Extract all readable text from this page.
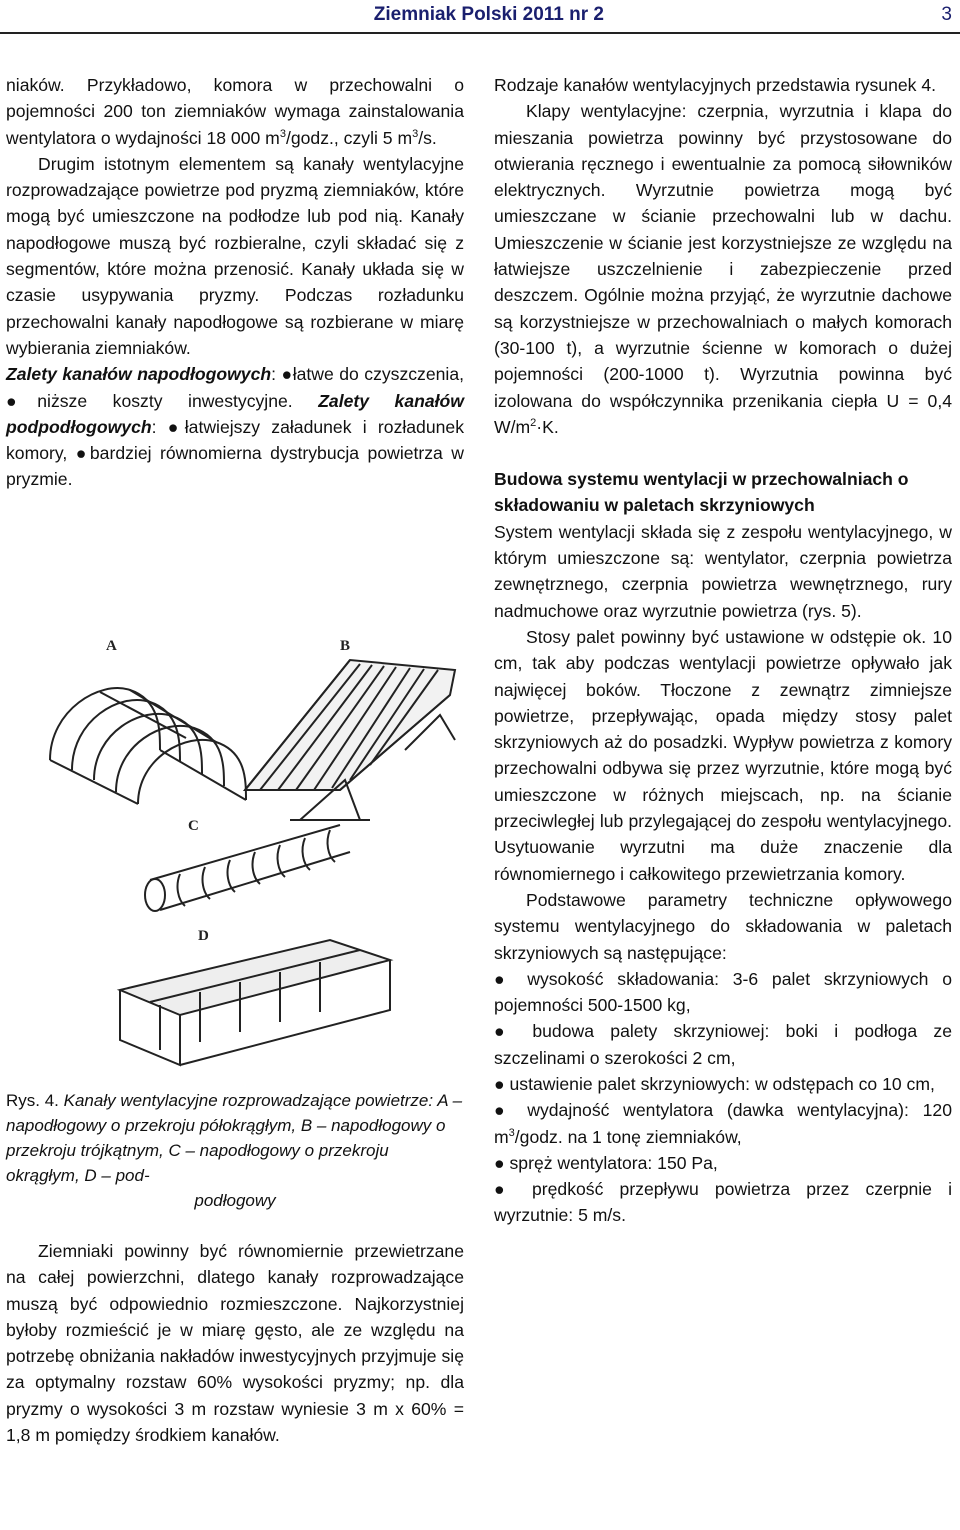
Ziemniak Polski 2011 nr 2	3

niaków. Przykładowo, komora w przechowalni o pojemności 200 ton ziemniaków wymaga zainstalowania wentylatora o wydajności 18 000 $m^3$/godz., czyli 5 $m^3/s$.

Drugim istotnym elementem są kanały wentylacyjne rozprowadzające powietrze pod pryzmą ziemniaków, które mogą być umieszczone na podłodze lub pod nią. Kanały napodłogowe muszą być rozbieralne, czyli składać się z segmentów, które można przenosić. Kanały układa się w czasie usypywania pryzmy. Podczas rozładunku przechowalni kanały napodłogowe są rozbierane w miarę wybierania ziemniaków.

Zalety kanałów napodłogowych: ●łatwe do czyszczenia, ●niższe koszty inwestycyjne. Zalety kanałów podpodłogowych: ●łatwiejszy załadunek i rozładunek komory, ●bardziej równomierna dystrybucja powietrza w pryzmie.

A	B
C
D
Rys. 4. Kanały wentylacyjne rozprowadzające powietrze: A – napodłogowy o przekroju półokrągłym, B – napodłogowy o przekroju trójkątnym, C – napodłogowy o przekroju okrągłym, D – pod-
podłogowy

Ziemniaki powinny być równomiernie przewietrzane na całej powierzchni, dlatego kanały rozprowadzające muszą być odpowiednio rozmieszczone. Najkorzystniej byłoby rozmieścić je w miarę gęsto, ale ze względu na potrzebę obniżania nakładów inwestycyjnych przyjmuje się za optymalny rozstaw 60% wysokości pryzmy; np. dla pryzmy o wysokości 3 m rozstaw wyniesie 3 m x 60% = 1,8 m pomiędzy środkiem kanałów.

Rodzaje kanałów wentylacyjnych przedstawia rysunek 4.

Klapy wentylacyjne: czerpnia, wyrzutnia i klapa do mieszania powietrza powinny być przystosowane do otwierania ręcznego i ewentualnie za pomocą siłowników elektrycznych. Wyrzutnie powietrza mogą być umieszczane w ścianie przechowalni lub w dachu. Umieszczenie w ścianie jest korzystniejsze ze względu na łatwiejsze uszczelnienie i zabezpieczenie przed deszczem. Ogólnie można przyjąć, że wyrzutnie dachowe są korzystniejsze w przechowalniach o małych komorach (30-100 t), a wyrzutnie ścienne w komorach o dużej pojemności (200-1000 t). Wyrzutnia powinna być izolowana do współczynnika przenikania ciepła U = 0,4 $W/m^2\cdot K$.

Budowa systemu wentylacji w przechowalniach o składowaniu w paletach skrzyniowych

System wentylacji składa się z zespołu wentylacyjnego, w którym umieszczone są: wentylator, czerpnia powietrza zewnętrznego, czerpnia powietrza wewnętrznego, rury nadmuchowe oraz wyrzutnie powietrza (rys. 5).

Stosy palet powinny być ustawione w odstępie ok. 10 cm, tak aby podczas wentylacji powietrze opływało jak najwięcej boków. Tłoczone z zewnątrz zimniejsze powietrze, przepływając, opada między stosy palet skrzyniowych aż do posadzki. Wypływ powietrza z komory przechowalni odbywa się przez wyrzutnie, które mogą być umieszczone w różnych miejscach, np. na ścianie przeciwległej lub przylegającej do zespołu wentylacyjnego. Usytuowanie wyrzutni ma duże znaczenie dla równomiernego i całkowitego przewietrzania komory.

Podstawowe parametry techniczne opływowego systemu wentylacyjnego do składowania w paletach skrzyniowych są następujące:

● wysokość składowania: 3-6 palet skrzyniowych o pojemności 500-1500 kg,

● budowa palety skrzyniowej: boki i podłoga ze szczelinami o szerokości 2 cm,

● ustawienie palet skrzyniowych: w odstępach co 10 cm,

● wydajność wentylatora (dawka wentylacyjna): 120 $m^3$/godz. na 1 tonę ziemniaków,

● spręż wentylatora: 150 Pa,

● prędkość przepływu powietrza przez czerpnie i wyrzutnie: 5 m/s.
